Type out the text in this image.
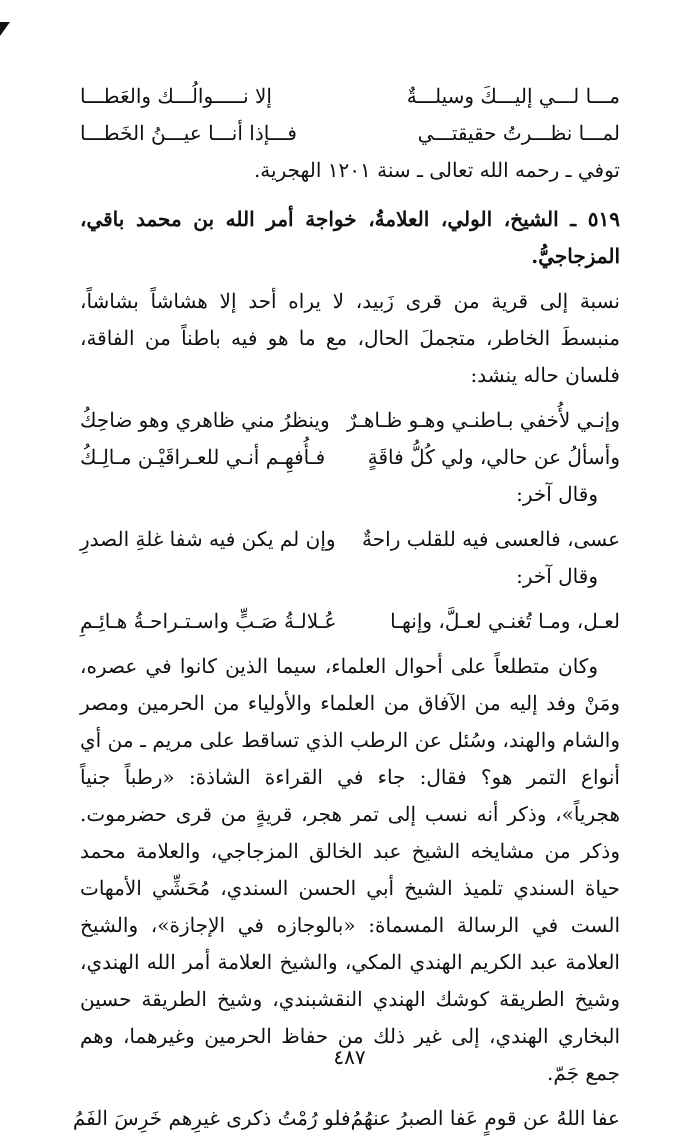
مـــا لـــي إليـــكَ وسيلـــةٌ
إلا نـــــوالُـــك والعَطـــا
لمـــا نظـــرتُ حقيقتـــي
فـــإذا أنـــا عيـــنُ الخَطـــا

توفي ـ رحمه الله تعالى ـ سنة ١٢٠١ الهجرية.

٥١٩ ـ الشيخ، الولي، العلامةُ، خواجة أمر الله بن محمد باقي، المزجاجيُّ.

نسبة إلى قرية من قرى زَبيد، لا يراه أحد إلا هشاشاً بشاشاً، منبسطَ الخاطر، متجملَ الحال، مع ما هو فيه باطناً من الفاقة، فلسان حاله ينشد:

وإنـي لأُخفي بـاطنـي وهـو ظـاهـرٌ
وينظرُ مني ظاهري وهو ضاحِكُ
وأسألُ عن حالي، ولي كُلُّ فاقَةٍ
فـأُفهِـم أنـي للعـراقَيْـن مـالِـكُ

وقال آخر:

عسى، فالعسى فيه للقلب راحةٌ
وإن لم يكن فيه شفا غلةِ الصدرِ

وقال آخر:

لعـل، ومـا تُغنـي لعـلَّ، وإنهـا
عُـلالـةُ صَـبٍّ واسـتـراحـةُ هـائِـمِ

وكان متطلعاً على أحوال العلماء، سيما الذين كانوا في عصره، ومَنْ وفد إليه من الآفاق من العلماء والأولياء من الحرمين ومصر والشام والهند، وسُئل عن الرطب الذي تساقط على مريم ـ من أي أنواع التمر هو؟ فقال: جاء في القراءة الشاذة: «رطباً جنياً هجرياً»، وذكر أنه نسب إلى تمر هجر، قريةٍ من قرى حضرموت. وذكر من مشايخه الشيخ عبد الخالق المزجاجي، والعلامة محمد حياة السندي تلميذ الشيخ أبي الحسن السندي، مُحَشِّي الأمهات الست في الرسالة المسماة: «بالوجازه في الإجازة»، والشيخ العلامة عبد الكريم الهندي المكي، والشيخ العلامة أمر الله الهندي، وشيخ الطريقة كوشك الهندي النقشبندي، وشيخ الطريقة حسين البخاري الهندي، إلى غير ذلك من حفاظ الحرمين وغيرهما، وهم جمع جَمّ.

عفا اللهُ عن قومٍ عَفا الصبرُ عنهُمُ
فلو رُمْتُ ذكرى غيرِهم خَرِسَ الفَمُ
٤٨٧
